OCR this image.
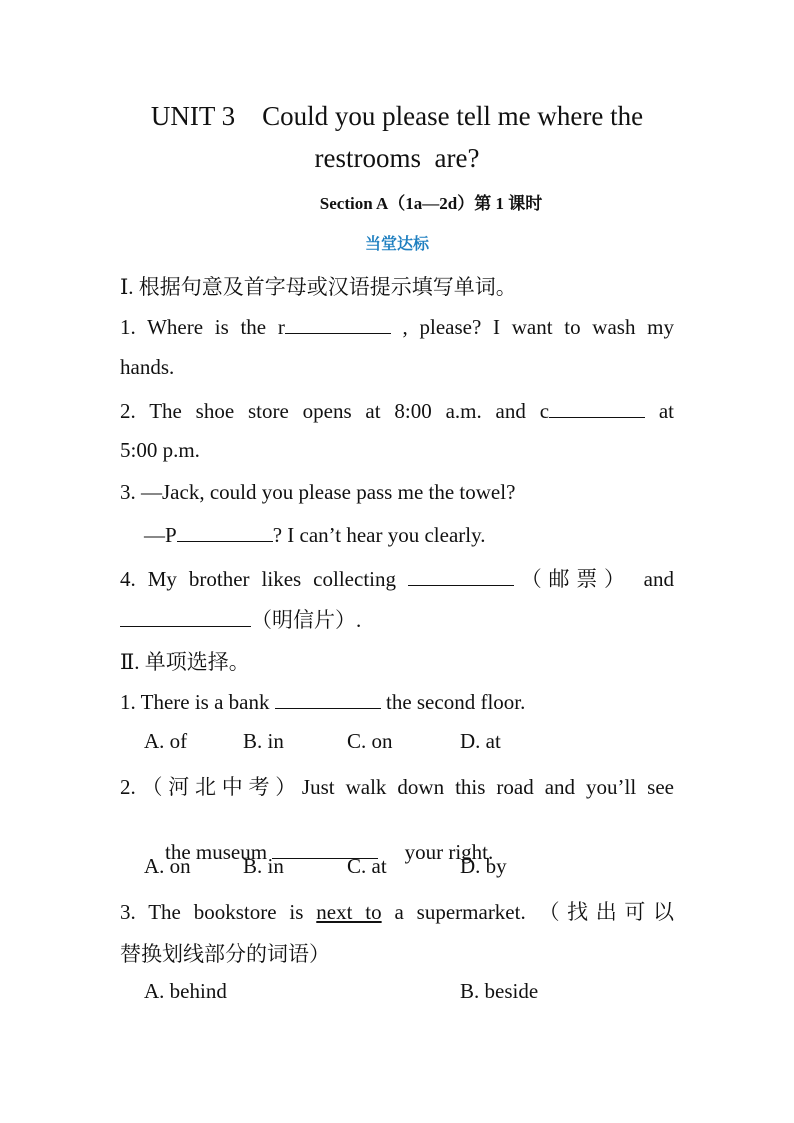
UNIT 3    Could you please tell me where the
restrooms  are?
Section A（1a—2d）第 1 课时
当堂达标
Ⅰ. 根据句意及首字母或汉语提示填写单词。
1. Where is the r	, please? I want to wash my
hands.
2. The shoe store opens at 8:00 a.m. and c	at
5:00 p.m.
3. —Jack, could you please pass me the towel?
—P	? I can’t hear you clearly.
4. My brother likes collecting	（邮票） and
（明信片）.
Ⅱ. 单项选择。
1. There is a bank	the second floor.
A. of	B. in	C. on	D. at
2.（河北中考）Just walk down this road and you’ll see

the museum	your right.

A. on B. in	C. at	D. by
3. The bookstore is next to a supermarket. （找出可以
替换划线部分的词语）
A. behind	B. beside
